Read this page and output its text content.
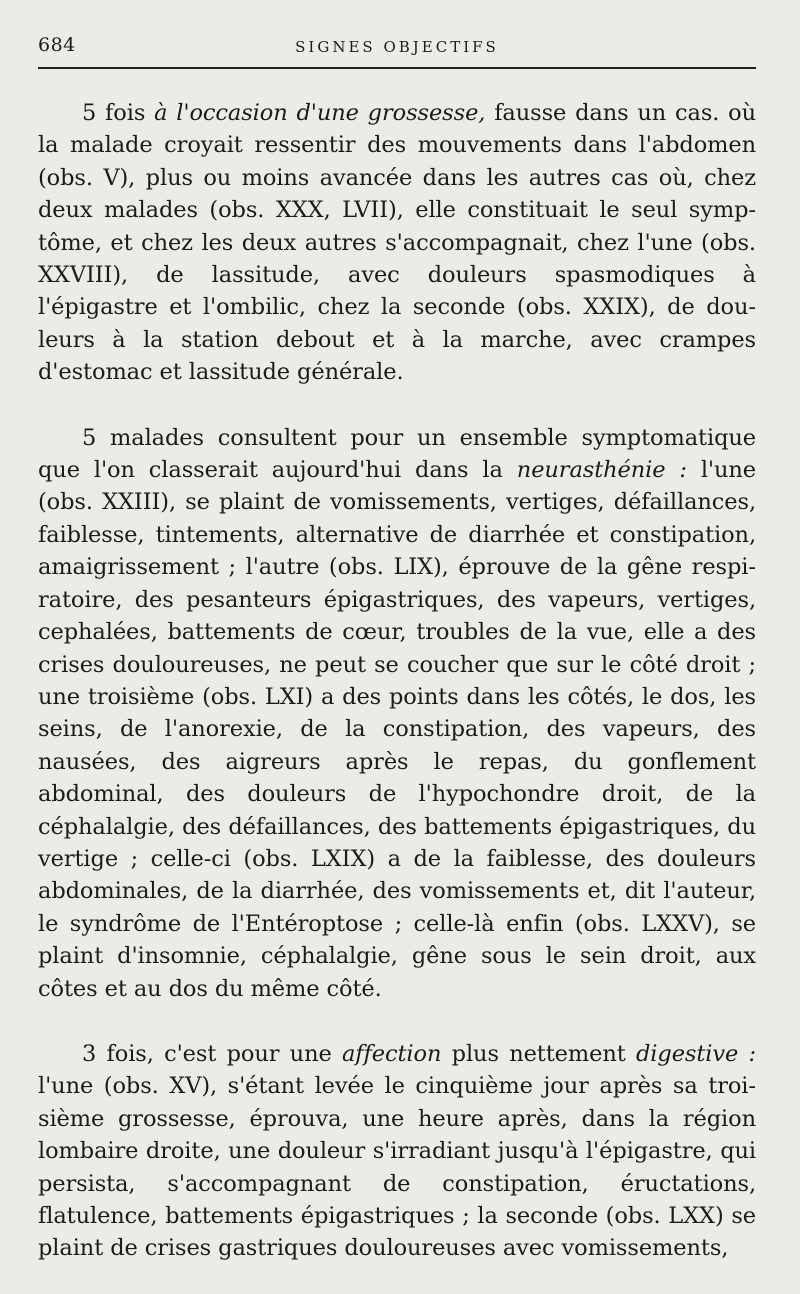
684	SIGNES OBJECTIFS

5 fois à l'occasion d'une grossesse, fausse dans un cas. où la malade croyait ressentir des mouvements dans l'abdomen (obs. V), plus ou moins avancée dans les autres cas où, chez deux malades (obs. XXX, LVII), elle constituait le seul symptôme, et chez les deux autres s'accompagnait, chez l'une (obs. XXVIII), de lassitude, avec douleurs spasmodiques à l'épigastre et l'ombilic, chez la seconde (obs. XXIX), de douleurs à la station debout et à la marche, avec crampes d'estomac et lassitude générale.

5 malades consultent pour un ensemble symptomatique que l'on classerait aujourd'hui dans la neurasthénie : l'une (obs. XXIII), se plaint de vomissements, vertiges, défaillances, faiblesse, tintements, alternative de diarrhée et constipation, amaigrissement ; l'autre (obs. LIX), éprouve de la gêne respiratoire, des pesanteurs épigastriques, des vapeurs, vertiges, cephalées, battements de cœur, troubles de la vue, elle a des crises douloureuses, ne peut se coucher que sur le côté droit ; une troisième (obs. LXI) a des points dans les côtés, le dos, les seins, de l'anorexie, de la constipation, des vapeurs, des nausées, des aigreurs après le repas, du gonflement abdominal, des douleurs de l'hypochondre droit, de la céphalalgie, des défaillances, des battements épigastriques, du vertige ; celle-ci (obs. LXIX) a de la faiblesse, des douleurs abdominales, de la diarrhée, des vomissements et, dit l'auteur, le syndrôme de l'Entéroptose ; celle-là enfin (obs. LXXV), se plaint d'insomnie, céphalalgie, gêne sous le sein droit, aux côtes et au dos du même côté.

3 fois, c'est pour une affection plus nettement digestive : l'une (obs. XV), s'étant levée le cinquième jour après sa troisième grossesse, éprouva, une heure après, dans la région lombaire droite, une douleur s'irradiant jusqu'à l'épigastre, qui persista, s'accompagnant de constipation, éructations, flatulence, battements épigastriques ; la seconde (obs. LXX) se plaint de crises gastriques douloureuses avec vomissements,
